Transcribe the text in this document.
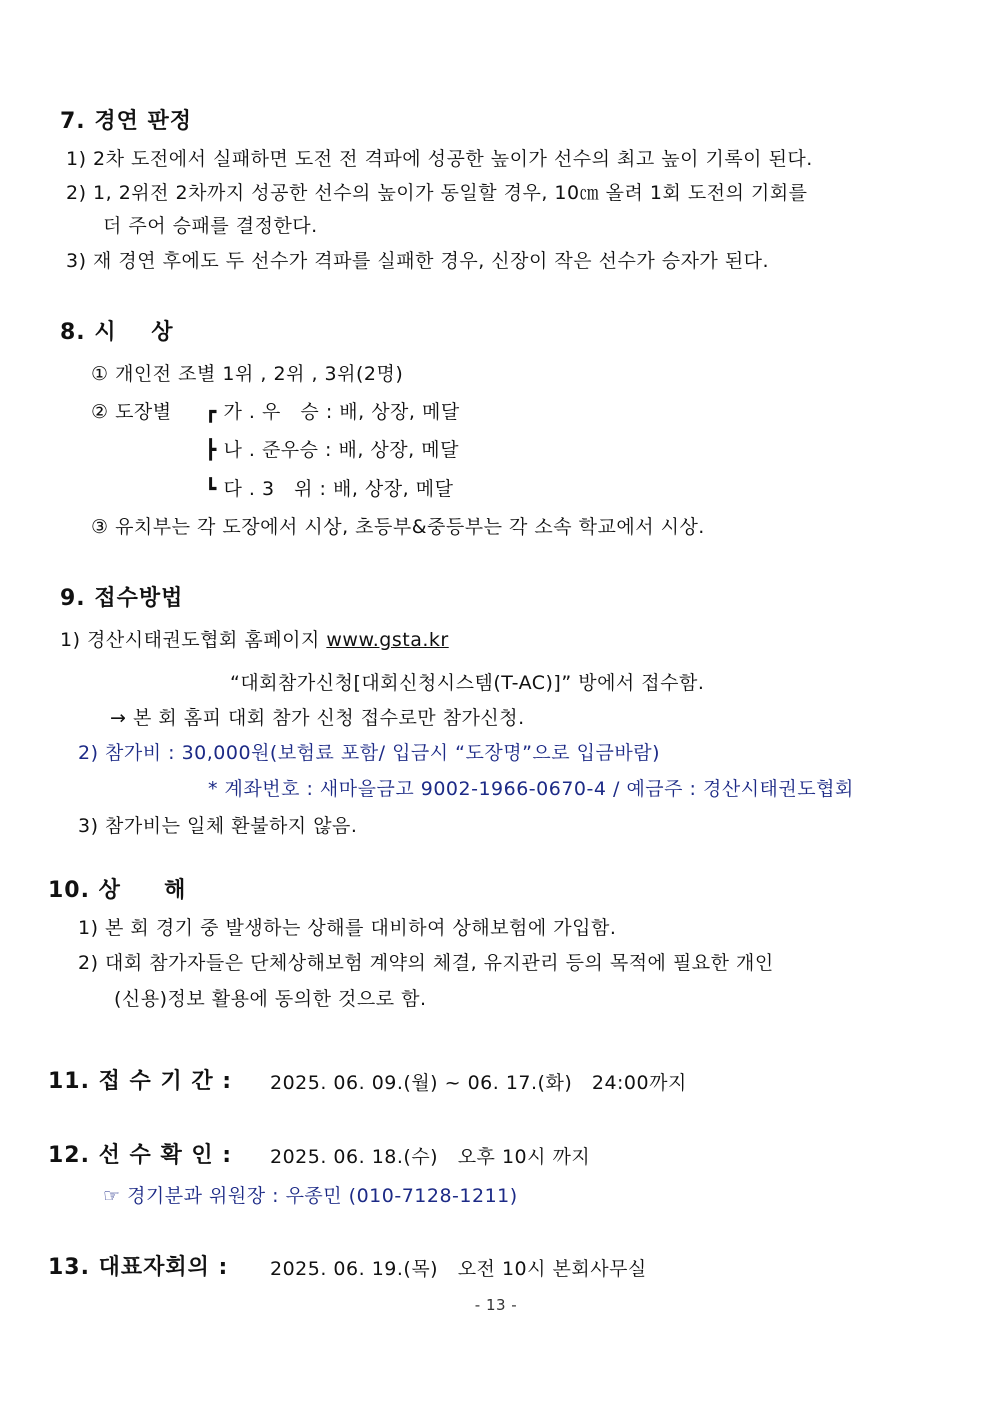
7. 경연 판정
1) 2차 도전에서 실패하면 도전 전 격파에 성공한 높이가 선수의 최고 높이 기록이 된다.
2) 1, 2위전 2차까지 성공한 선수의 높이가 동일할 경우, 10㎝ 올려 1회 도전의 기회를
더 주어 승패를 결정한다.
3) 재 경연 후에도 두 선수가 격파를 실패한 경우, 신장이 작은 선수가 승자가 된다.
8. 시    상
① 개인전 조별 1위 , 2위 , 3위(2명)
② 도장별 ┏ 가 . 우   승 : 배, 상장, 메달
┣ 나 . 준우승 : 배, 상장, 메달
┗ 다 . 3   위 : 배, 상장, 메달
③ 유치부는 각 도장에서 시상, 초등부&중등부는 각 소속 학교에서 시상.
9. 접수방법
1) 경산시태권도협회 홈페이지 www.gsta.kr
“대회참가신청[대회신청시스템(T-AC)]” 방에서 접수함.
→ 본 회 홈피 대회 참가 신청 접수로만 참가신청.
2) 참가비 : 30,000원(보험료 포함/ 입금시 “도장명”으로 입금바람)
* 계좌번호 : 새마을금고 9002-1966-0670-4 / 예금주 : 경산시태권도협회
3) 참가비는 일체 환불하지 않음.
10. 상     해
1) 본 회 경기 중 발생하는 상해를 대비하여 상해보험에 가입함.
2) 대회 참가자들은 단체상해보험 계약의 체결, 유지관리 등의 목적에 필요한 개인
(신용)정보 활용에 동의한 것으로 함.
11. 접 수 기 간 : 2025. 06. 09.(월) ~ 06. 17.(화)   24:00까지
12. 선 수 확 인 : 2025. 06. 18.(수)   오후 10시 까지
☞ 경기분과 위원장 : 우종민 (010-7128-1211)
13. 대표자회의 : 2025. 06. 19.(목)   오전 10시 본회사무실
- 13 -
